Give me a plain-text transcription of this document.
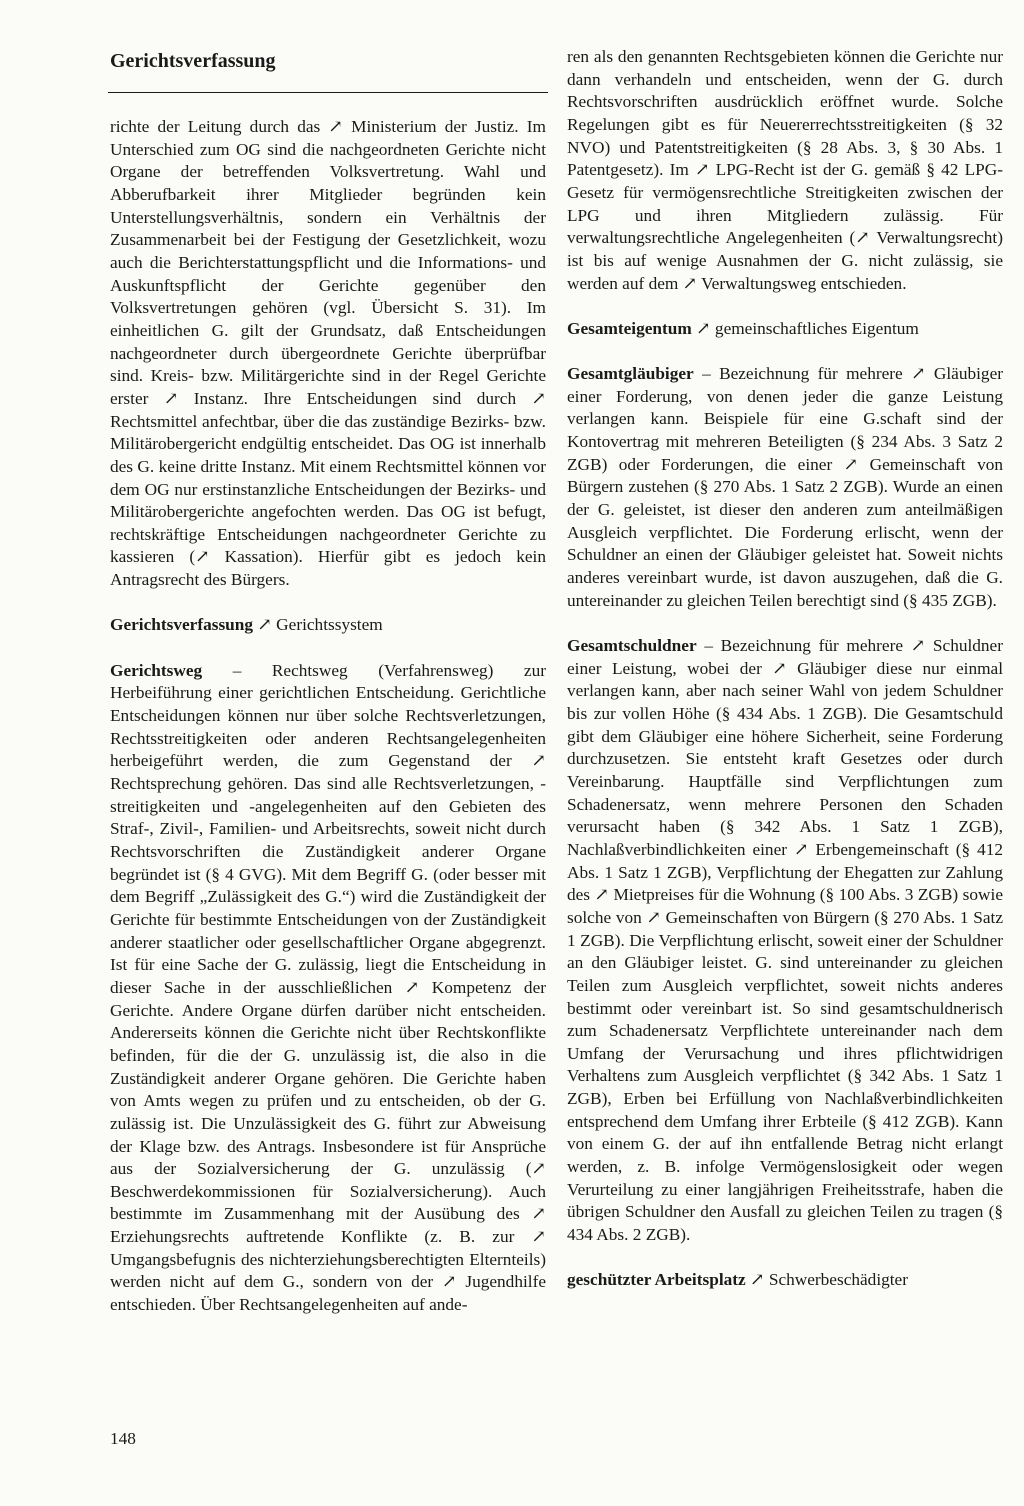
Gerichtsverfassung

richte der Leitung durch das ↗ Ministerium der Justiz. Im Unterschied zum OG sind die nachgeordneten Gerichte nicht Organe der betreffenden Volksvertretung. Wahl und Abberufbarkeit ihrer Mitglieder begründen kein Unterstellungsverhältnis, sondern ein Verhältnis der Zusammenarbeit bei der Festigung der Gesetzlichkeit, wozu auch die Berichterstattungspflicht und die Informations- und Auskunftspflicht der Gerichte gegenüber den Volksvertretungen gehören (vgl. Übersicht S. 31). Im einheitlichen G. gilt der Grundsatz, daß Entscheidungen nachgeordneter durch übergeordnete Gerichte überprüfbar sind. Kreis- bzw. Militärgerichte sind in der Regel Gerichte erster ↗ Instanz. Ihre Entscheidungen sind durch ↗ Rechtsmittel anfechtbar, über die das zuständige Bezirks- bzw. Militärobergericht endgültig entscheidet. Das OG ist innerhalb des G. keine dritte Instanz. Mit einem Rechtsmittel können vor dem OG nur erstinstanzliche Entscheidungen der Bezirks- und Militärobergerichte angefochten werden. Das OG ist befugt, rechtskräftige Entscheidungen nachgeordneter Gerichte zu kassieren (↗ Kassation). Hierfür gibt es jedoch kein Antragsrecht des Bürgers.

Gerichtsverfassung ↗ Gerichtssystem

Gerichtsweg – Rechtsweg (Verfahrensweg) zur Herbeiführung einer gerichtlichen Entscheidung. Gerichtliche Entscheidungen können nur über solche Rechtsverletzungen, Rechtsstreitigkeiten oder anderen Rechtsangelegenheiten herbeigeführt werden, die zum Gegenstand der ↗ Rechtsprechung gehören. Das sind alle Rechtsverletzungen, -streitigkeiten und -angelegenheiten auf den Gebieten des Straf-, Zivil-, Familien- und Arbeitsrechts, soweit nicht durch Rechtsvorschriften die Zuständigkeit anderer Organe begründet ist (§ 4 GVG). Mit dem Begriff G. (oder besser mit dem Begriff „Zulässigkeit des G.“) wird die Zuständigkeit der Gerichte für bestimmte Entscheidungen von der Zuständigkeit anderer staatlicher oder gesellschaftlicher Organe abgegrenzt. Ist für eine Sache der G. zulässig, liegt die Entscheidung in dieser Sache in der ausschließlichen ↗ Kompetenz der Gerichte. Andere Organe dürfen darüber nicht entscheiden. Andererseits können die Gerichte nicht über Rechtskonflikte befinden, für die der G. unzulässig ist, die also in die Zuständigkeit anderer Organe gehören. Die Gerichte haben von Amts wegen zu prüfen und zu entscheiden, ob der G. zulässig ist. Die Unzulässigkeit des G. führt zur Abweisung der Klage bzw. des Antrags. Insbesondere ist für Ansprüche aus der Sozialversicherung der G. unzulässig (↗ Beschwerdekommissionen für Sozialversicherung). Auch bestimmte im Zusammenhang mit der Ausübung des ↗ Erziehungsrechts auftretende Konflikte (z. B. zur ↗ Umgangsbefugnis des nichterziehungsberechtigten Elternteils) werden nicht auf dem G., sondern von der ↗ Jugendhilfe entschieden. Über Rechtsangelegenheiten auf ande-

ren als den genannten Rechtsgebieten können die Gerichte nur dann verhandeln und entscheiden, wenn der G. durch Rechtsvorschriften ausdrücklich eröffnet wurde. Solche Regelungen gibt es für Neuererrechtsstreitigkeiten (§ 32 NVO) und Patentstreitigkeiten (§ 28 Abs. 3, § 30 Abs. 1 Patentgesetz). Im ↗ LPG-Recht ist der G. gemäß § 42 LPG-Gesetz für vermögensrechtliche Streitigkeiten zwischen der LPG und ihren Mitgliedern zulässig. Für verwaltungsrechtliche Angelegenheiten (↗ Verwaltungsrecht) ist bis auf wenige Ausnahmen der G. nicht zulässig, sie werden auf dem ↗ Verwaltungsweg entschieden.

Gesamteigentum ↗ gemeinschaftliches Eigentum

Gesamtgläubiger – Bezeichnung für mehrere ↗ Gläubiger einer Forderung, von denen jeder die ganze Leistung verlangen kann. Beispiele für eine G.schaft sind der Kontovertrag mit mehreren Beteiligten (§ 234 Abs. 3 Satz 2 ZGB) oder Forderungen, die einer ↗ Gemeinschaft von Bürgern zustehen (§ 270 Abs. 1 Satz 2 ZGB). Wurde an einen der G. geleistet, ist dieser den anderen zum anteilmäßigen Ausgleich verpflichtet. Die Forderung erlischt, wenn der Schuldner an einen der Gläubiger geleistet hat. Soweit nichts anderes vereinbart wurde, ist davon auszugehen, daß die G. untereinander zu gleichen Teilen berechtigt sind (§ 435 ZGB).

Gesamtschuldner – Bezeichnung für mehrere ↗ Schuldner einer Leistung, wobei der ↗ Gläubiger diese nur einmal verlangen kann, aber nach seiner Wahl von jedem Schuldner bis zur vollen Höhe (§ 434 Abs. 1 ZGB). Die Gesamtschuld gibt dem Gläubiger eine höhere Sicherheit, seine Forderung durchzusetzen. Sie entsteht kraft Gesetzes oder durch Vereinbarung. Hauptfälle sind Verpflichtungen zum Schadenersatz, wenn mehrere Personen den Schaden verursacht haben (§ 342 Abs. 1 Satz 1 ZGB), Nachlaßverbindlichkeiten einer ↗ Erbengemeinschaft (§ 412 Abs. 1 Satz 1 ZGB), Verpflichtung der Ehegatten zur Zahlung des ↗ Mietpreises für die Wohnung (§ 100 Abs. 3 ZGB) sowie solche von ↗ Gemeinschaften von Bürgern (§ 270 Abs. 1 Satz 1 ZGB). Die Verpflichtung erlischt, soweit einer der Schuldner an den Gläubiger leistet. G. sind untereinander zu gleichen Teilen zum Ausgleich verpflichtet, soweit nichts anderes bestimmt oder vereinbart ist. So sind gesamtschuldnerisch zum Schadenersatz Verpflichtete untereinander nach dem Umfang der Verursachung und ihres pflichtwidrigen Verhaltens zum Ausgleich verpflichtet (§ 342 Abs. 1 Satz 1 ZGB), Erben bei Erfüllung von Nachlaßverbindlichkeiten entsprechend dem Umfang ihrer Erbteile (§ 412 ZGB). Kann von einem G. der auf ihn entfallende Betrag nicht erlangt werden, z. B. infolge Vermögenslosigkeit oder wegen Verurteilung zu einer langjährigen Freiheitsstrafe, haben die übrigen Schuldner den Ausfall zu gleichen Teilen zu tragen (§ 434 Abs. 2 ZGB).

geschützter Arbeitsplatz ↗ Schwerbeschädigter

148
